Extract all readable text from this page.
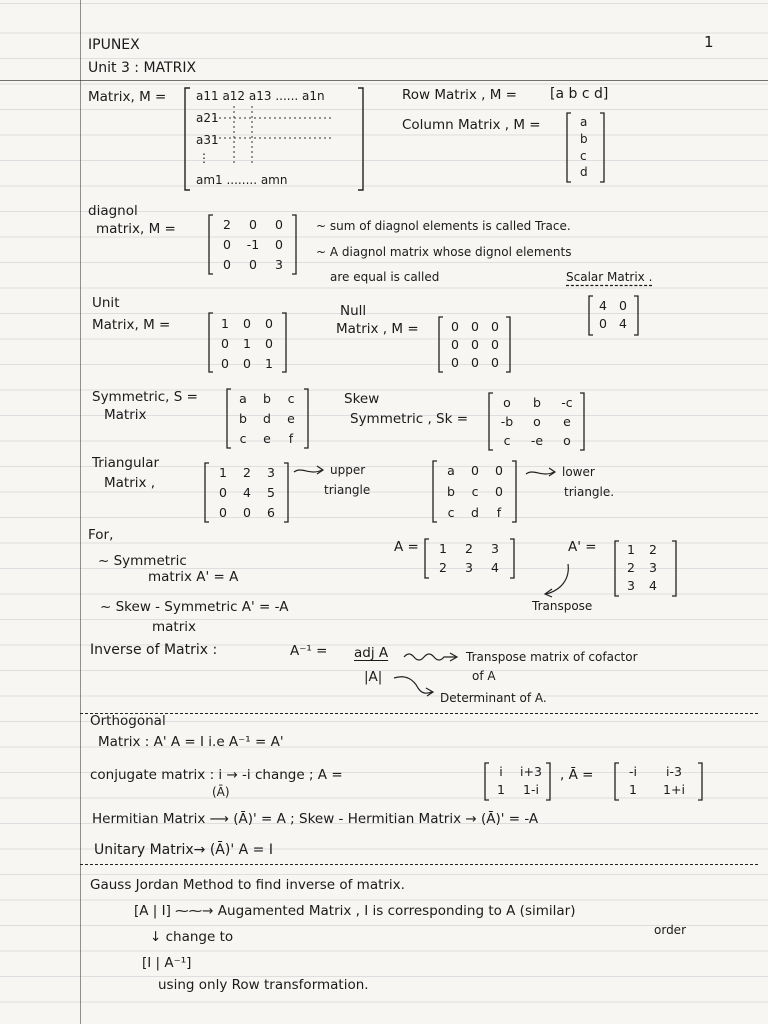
IPUNEX
Unit 3 : MATRIX
1
Matrix, M = a11 a12 a13 ...... a1n
a21
a31
⋮
am1 ........ amn
Row Matrix , M = [a b c d]
Column Matrix , M =	a
b
c
d
diagnol
matrix, M =	2	0	0
0	-1	0
0	0	3
~ sum of diagnol elements is called Trace.
~ A diagnol matrix whose dignol elements
are equal is called	Scalar Matrix .
4 0
0 4
Unit
Matrix, M =	1	0	0
0	1	0
0	0	1
Null
Matrix , M =	0 0 0
0 0 0
0 0 0
Symmetric, S =
Matrix
a	b	c
b	d	e
c	e	f
Skew
Symmetric , Sk =
o	b	-c
-b	o	e
c	-e	o
Triangular
Matrix ,
1	2	3
0	4	5
0	0	6
upper
triangle
a	0	0
b	c	0
c	d	f
lower
triangle.
For,
~ Symmetric
matrix A' = A
~ Skew - Symmetric A' = -A
matrix
A =	1	2	3
2	3	4
A' =	1	2
2	3
3	4
Transpose
Inverse of Matrix :	A⁻¹ = adj A
|A|
Transpose matrix of cofactor
of A
Determinant of A.
Orthogonal
Matrix : A' A = I i.e A⁻¹ = A'
conjugate matrix : i → -i change ; A =
(Ā)
i	i+3
1	1-i
, Ā =	-i	i-3
1	1+i
Hermitian Matrix ⟶ (Ā)' = A ; Skew - Hermitian Matrix → (Ā)' = -A
Unitary Matrix→ (Ā)' A = I
Gauss Jordan Method to find inverse of matrix.
[A | I] ⁓⁓→ Augamented Matrix , I is corresponding to A (similar)
order
↓ change to
[I | A⁻¹]
using only Row transformation.
